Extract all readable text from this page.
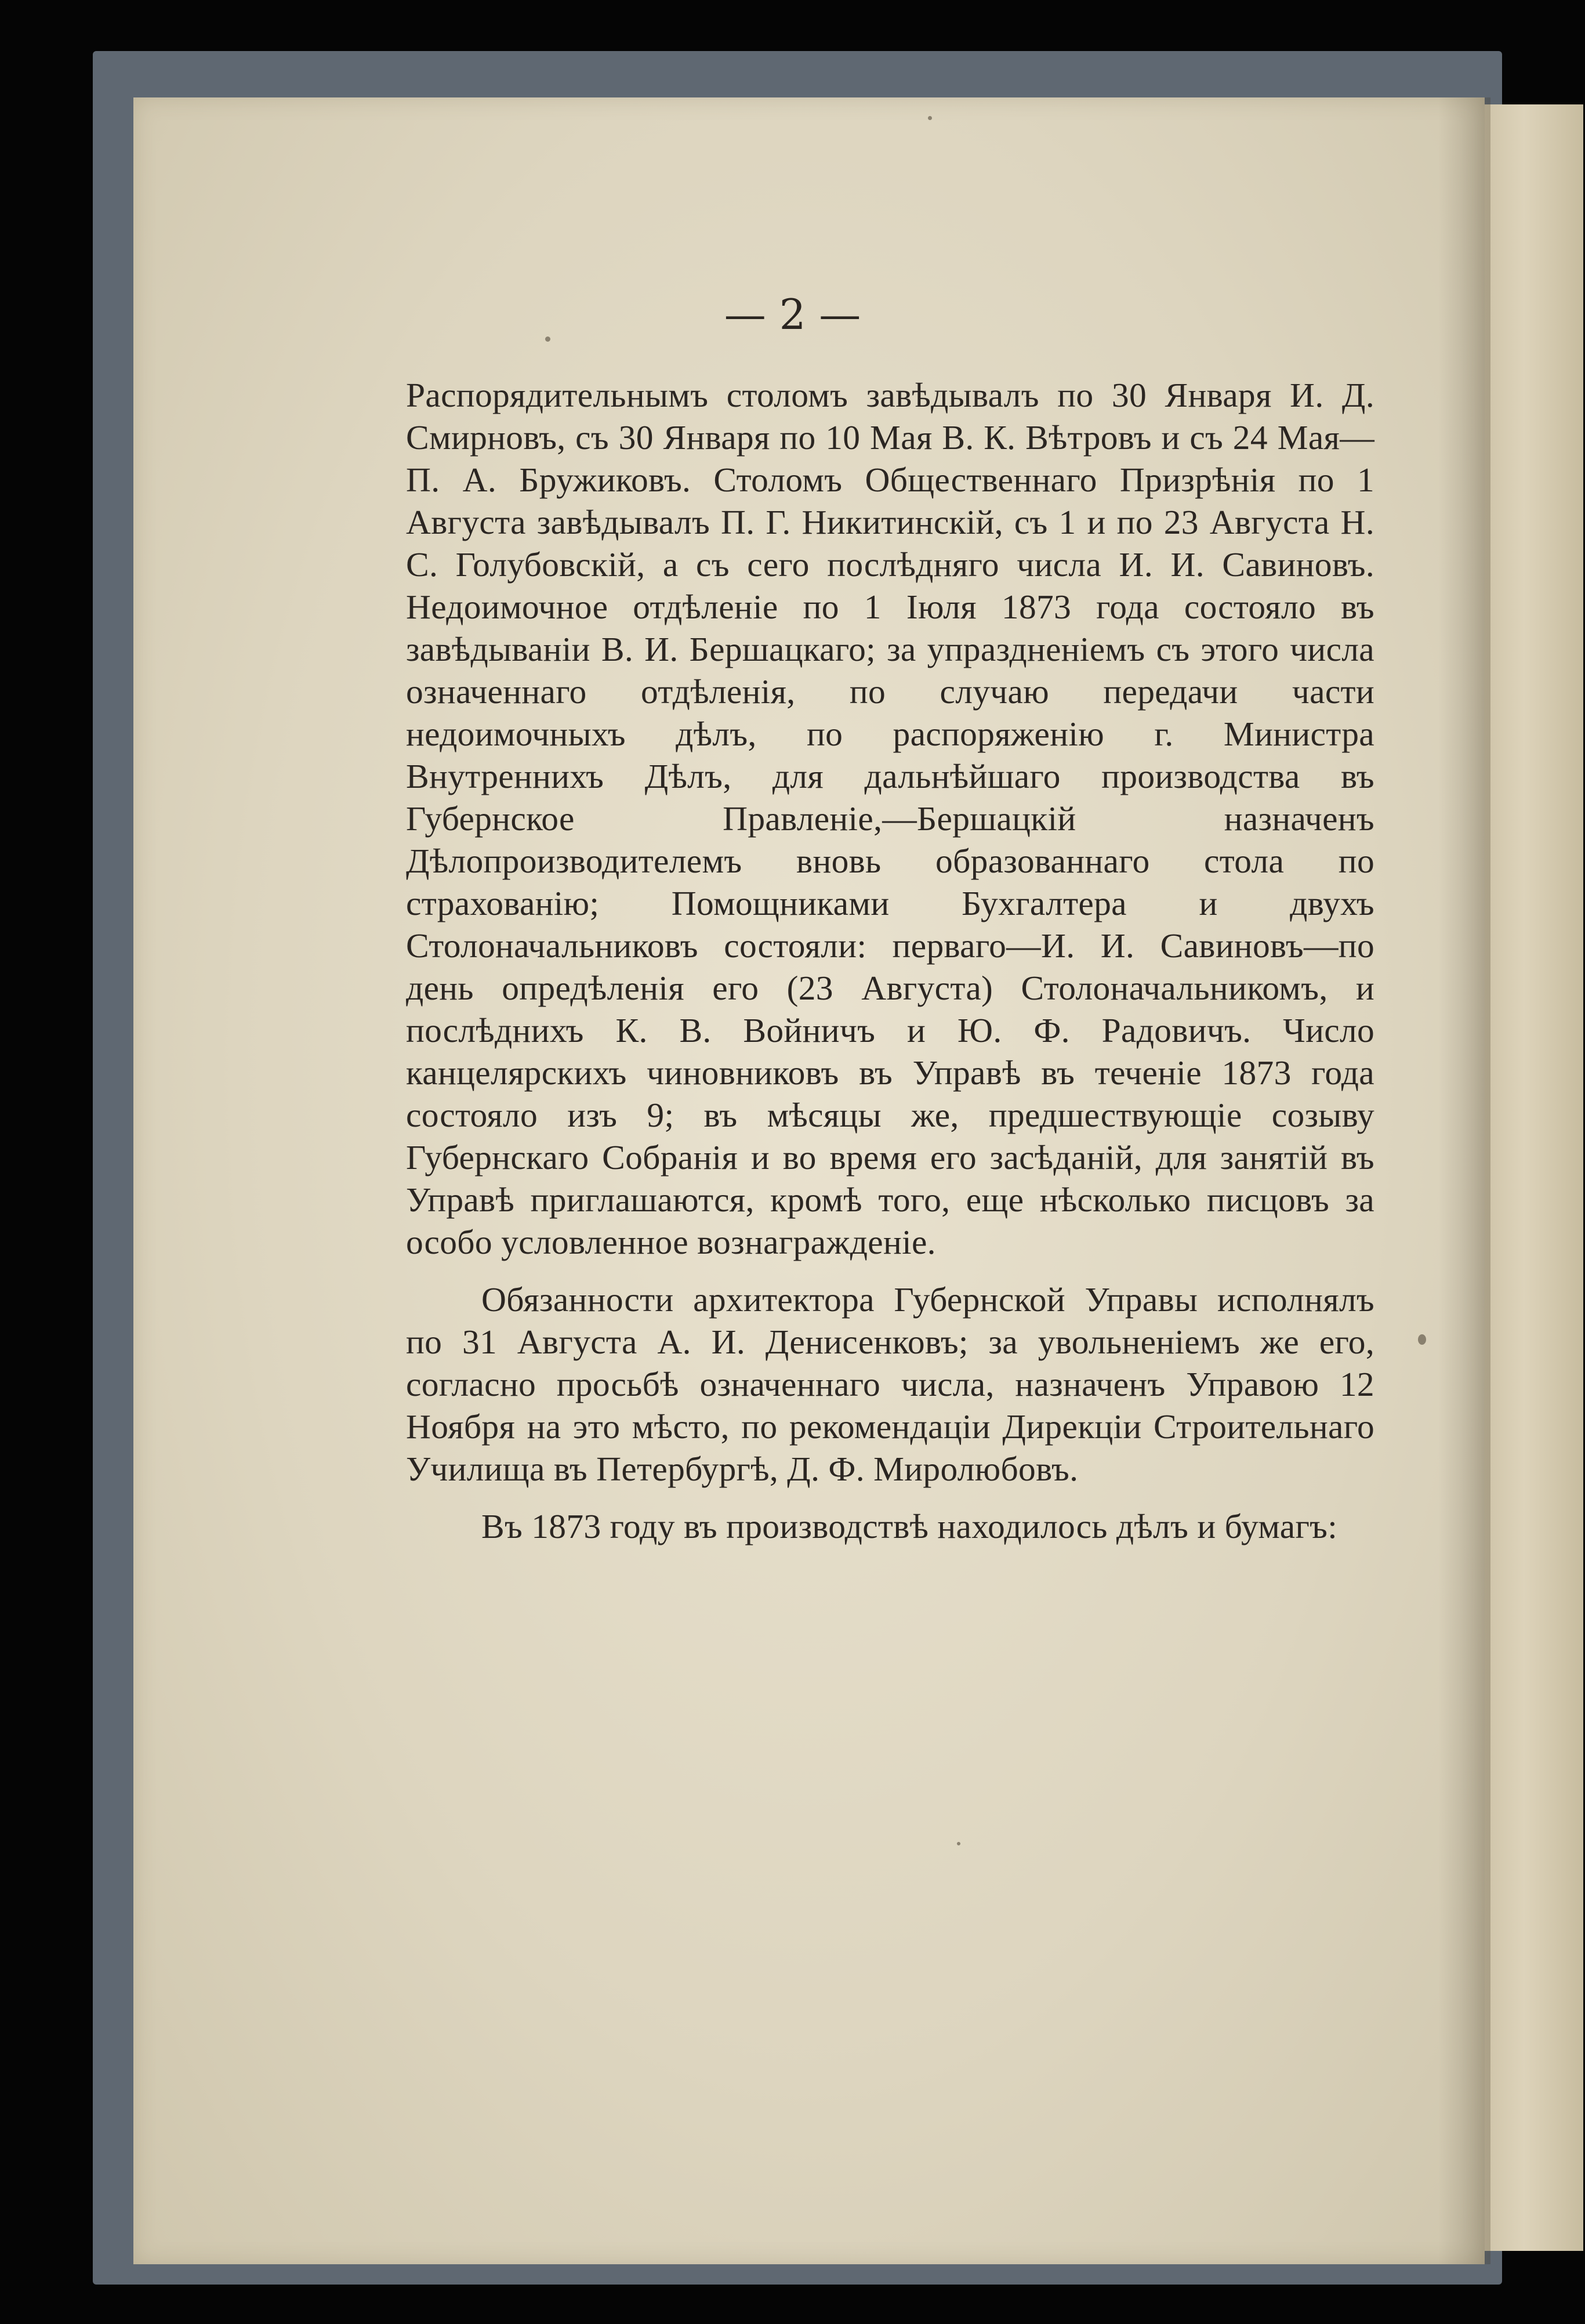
— 2 —

Распорядительнымъ столомъ завѣдывалъ по 30 Января И. Д. Смирновъ, съ 30 Января по 10 Мая В. К. Вѣтровъ и съ 24 Мая—П. А. Бружиковъ. Столомъ Общественнаго Призрѣнія по 1 Августа завѣдывалъ П. Г. Никитинскій, съ 1 и по 23 Августа Н. С. Голубовскій, а съ сего послѣдняго числа И. И. Савиновъ. Недоимочное отдѣленіе по 1 Іюля 1873 года состояло въ завѣдываніи В. И. Бершацкаго; за упраздненіемъ съ этого числа означеннаго отдѣленія, по случаю передачи части недоимочныхъ дѣлъ, по распоряженію г. Министра Внутреннихъ Дѣлъ, для дальнѣйшаго производства въ Губернское Правленіе,—Бершацкій назначенъ Дѣлопроизводителемъ вновь образованнаго стола по страхованію; Помощниками Бухгалтера и двухъ Столоначальниковъ состояли: перваго—И. И. Савиновъ—по день опредѣленія его (23 Августа) Столоначальникомъ, и послѣднихъ К. В. Войничъ и Ю. Ф. Радовичъ. Число канцелярскихъ чиновниковъ въ Управѣ въ теченіе 1873 года состояло изъ 9; въ мѣсяцы же, предшествующіе созыву Губернскаго Собранія и во время его засѣданій, для занятій въ Управѣ приглашаются, кромѣ того, еще нѣсколько писцовъ за особо условленное вознагражденіе.

Обязанности архитектора Губернской Управы исполнялъ по 31 Августа А. И. Денисенковъ; за увольненіемъ же его, согласно просьбѣ означеннаго числа, назначенъ Управою 12 Ноября на это мѣсто, по рекомендаціи Дирекціи Строительнаго Училища въ Петербургѣ, Д. Ф. Миролюбовъ.

Въ 1873 году въ производствѣ находилось дѣлъ и бумагъ:
